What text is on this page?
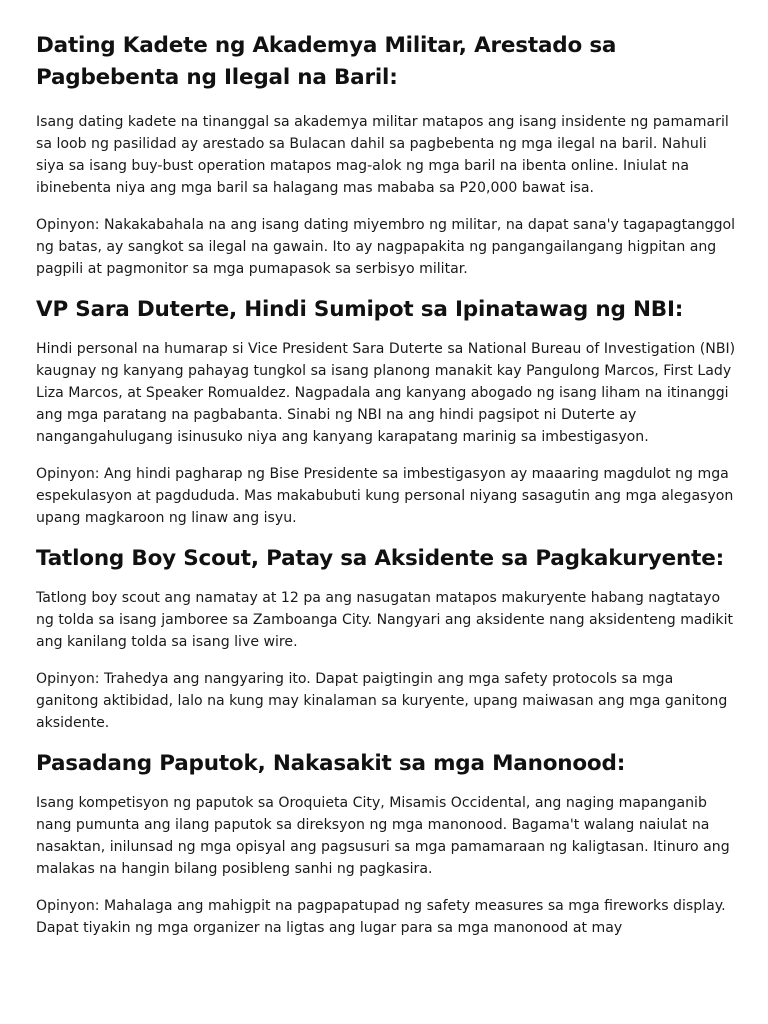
Dating Kadete ng Akademya Militar, Arestado sa Pagbebenta ng Ilegal na Baril:

Isang dating kadete na tinanggal sa akademya militar matapos ang isang insidente ng pamamaril sa loob ng pasilidad ay arestado sa Bulacan dahil sa pagbebenta ng mga ilegal na baril. Nahuli siya sa isang buy-bust operation matapos mag-alok ng mga baril na ibenta online. Iniulat na ibinebenta niya ang mga baril sa halagang mas mababa sa P20,000 bawat isa.

Opinyon: Nakakabahala na ang isang dating miyembro ng militar, na dapat sana'y tagapagtanggol ng batas, ay sangkot sa ilegal na gawain. Ito ay nagpapakita ng pangangailangang higpitan ang pagpili at pagmonitor sa mga pumapasok sa serbisyo militar.

VP Sara Duterte, Hindi Sumipot sa Ipinatawag ng NBI:

Hindi personal na humarap si Vice President Sara Duterte sa National Bureau of Investigation (NBI) kaugnay ng kanyang pahayag tungkol sa isang planong manakit kay Pangulong Marcos, First Lady Liza Marcos, at Speaker Romualdez. Nagpadala ang kanyang abogado ng isang liham na itinanggi ang mga paratang na pagbabanta. Sinabi ng NBI na ang hindi pagsipot ni Duterte ay nangangahulugang isinusuko niya ang kanyang karapatang marinig sa imbestigasyon.

Opinyon: Ang hindi pagharap ng Bise Presidente sa imbestigasyon ay maaaring magdulot ng mga espekulasyon at pagdududa. Mas makabubuti kung personal niyang sasagutin ang mga alegasyon upang magkaroon ng linaw ang isyu.

Tatlong Boy Scout, Patay sa Aksidente sa Pagkakuryente:

Tatlong boy scout ang namatay at 12 pa ang nasugatan matapos makuryente habang nagtatayo ng tolda sa isang jamboree sa Zamboanga City. Nangyari ang aksidente nang aksidenteng madikit ang kanilang tolda sa isang live wire.

Opinyon: Trahedya ang nangyaring ito. Dapat paigtingin ang mga safety protocols sa mga ganitong aktibidad, lalo na kung may kinalaman sa kuryente, upang maiwasan ang mga ganitong aksidente.

Pasadang Paputok, Nakasakit sa mga Manonood:

Isang kompetisyon ng paputok sa Oroquieta City, Misamis Occidental, ang naging mapanganib nang pumunta ang ilang paputok sa direksyon ng mga manonood. Bagama't walang naiulat na nasaktan, inilunsad ng mga opisyal ang pagsusuri sa mga pamamaraan ng kaligtasan. Itinuro ang malakas na hangin bilang posibleng sanhi ng pagkasira.

Opinyon: Mahalaga ang mahigpit na pagpapatupad ng safety measures sa mga fireworks display. Dapat tiyakin ng mga organizer na ligtas ang lugar para sa mga manonood at may
